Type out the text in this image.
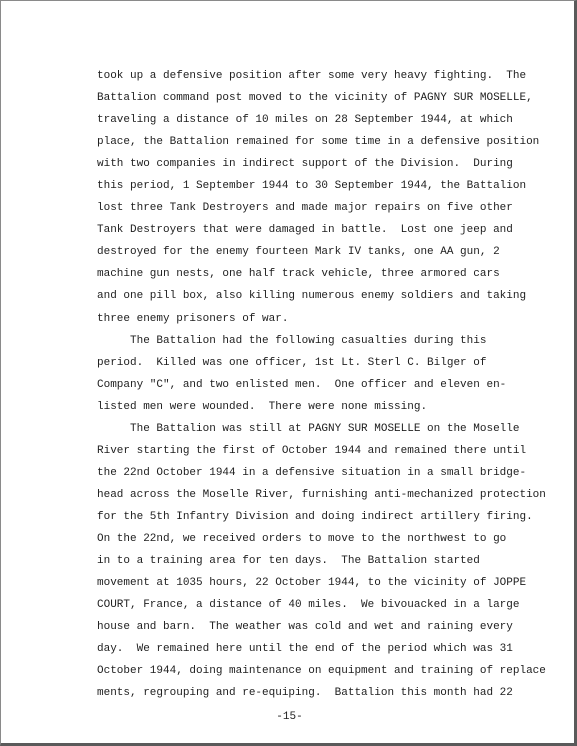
took up a defensive position after some very heavy fighting.  The
Battalion command post moved to the vicinity of PAGNY SUR MOSELLE,
traveling a distance of 10 miles on 28 September 1944, at which
place, the Battalion remained for some time in a defensive position
with two companies in indirect support of the Division.  During
this period, 1 September 1944 to 30 September 1944, the Battalion
lost three Tank Destroyers and made major repairs on five other
Tank Destroyers that were damaged in battle.  Lost one jeep and
destroyed for the enemy fourteen Mark IV tanks, one AA gun, 2
machine gun nests, one half track vehicle, three armored cars
and one pill box, also killing numerous enemy soldiers and taking
three enemy prisoners of war.
The Battalion had the following casualties during this
period.  Killed was one officer, 1st Lt. Sterl C. Bilger of
Company "C", and two enlisted men.  One officer and eleven en-
listed men were wounded.  There were none missing.
The Battalion was still at PAGNY SUR MOSELLE on the Moselle
River starting the first of October 1944 and remained there until
the 22nd October 1944 in a defensive situation in a small bridge-
head across the Moselle River, furnishing anti-mechanized protection
for the 5th Infantry Division and doing indirect artillery firing.
On the 22nd, we received orders to move to the northwest to go
in to a training area for ten days.  The Battalion started
movement at 1035 hours, 22 October 1944, to the vicinity of JOPPE
COURT, France, a distance of 40 miles.  We bivouacked in a large
house and barn.  The weather was cold and wet and raining every
day.  We remained here until the end of the period which was 31
October 1944, doing maintenance on equipment and training of replace
ments, regrouping and re-equiping.  Battalion this month had 22
-15-
